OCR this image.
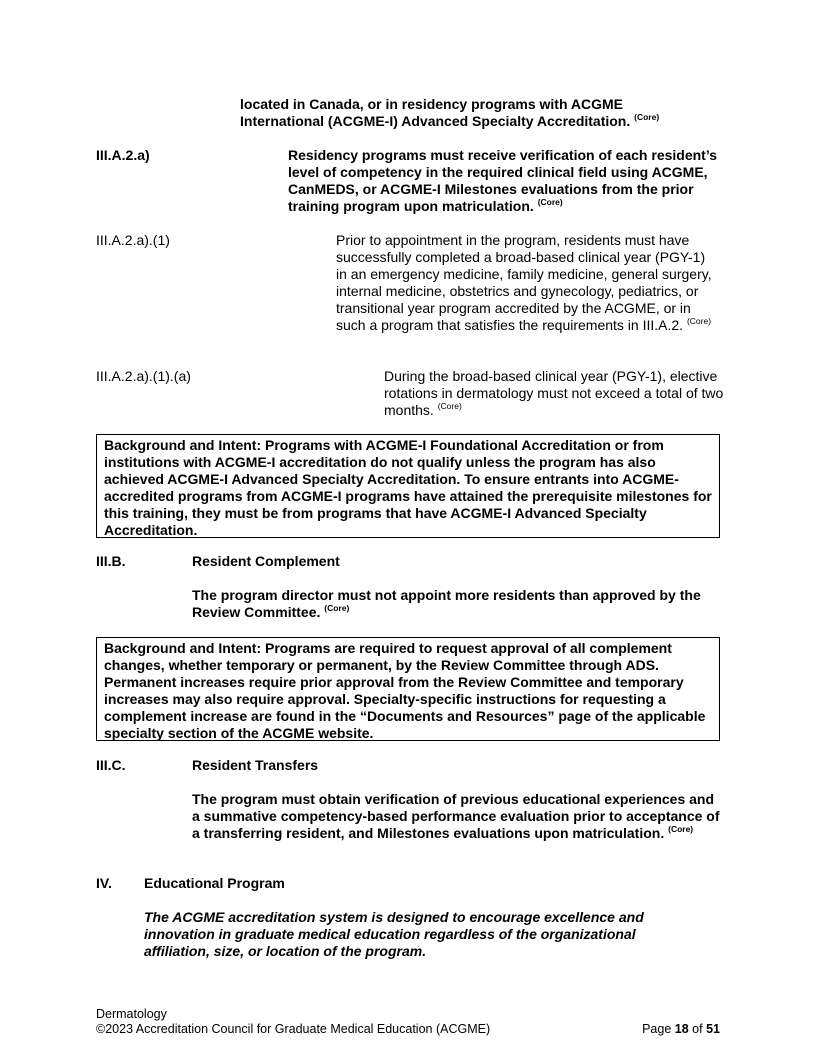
located in Canada, or in residency programs with ACGME International (ACGME-I) Advanced Specialty Accreditation. $^{(Core)}$
III.A.2.a)	Residency programs must receive verification of each resident’s level of competency in the required clinical field using ACGME, CanMEDS, or ACGME-I Milestones evaluations from the prior training program upon matriculation. $^{(Core)}$
III.A.2.a).(1)	Prior to appointment in the program, residents must have successfully completed a broad-based clinical year (PGY-1) in an emergency medicine, family medicine, general surgery, internal medicine, obstetrics and gynecology, pediatrics, or transitional year program accredited by the ACGME, or in such a program that satisfies the requirements in III.A.2. $^{(Core)}$
III.A.2.a).(1).(a)	During the broad-based clinical year (PGY-1), elective rotations in dermatology must not exceed a total of two months. $^{(Core)}$
Background and Intent: Programs with ACGME-I Foundational Accreditation or from institutions with ACGME-I accreditation do not qualify unless the program has also achieved ACGME-I Advanced Specialty Accreditation. To ensure entrants into ACGME-accredited programs from ACGME-I programs have attained the prerequisite milestones for this training, they must be from programs that have ACGME-I Advanced Specialty Accreditation.
III.B.	Resident Complement
The program director must not appoint more residents than approved by the Review Committee. $^{(Core)}$
Background and Intent: Programs are required to request approval of all complement changes, whether temporary or permanent, by the Review Committee through ADS. Permanent increases require prior approval from the Review Committee and temporary increases may also require approval. Specialty-specific instructions for requesting a complement increase are found in the “Documents and Resources” page of the applicable specialty section of the ACGME website.
III.C.	Resident Transfers
The program must obtain verification of previous educational experiences and a summative competency-based performance evaluation prior to acceptance of a transferring resident, and Milestones evaluations upon matriculation. $^{(Core)}$
IV. Educational Program
The ACGME accreditation system is designed to encourage excellence and innovation in graduate medical education regardless of the organizational affiliation, size, or location of the program.
Dermatology
©2023 Accreditation Council for Graduate Medical Education (ACGME)	Page 18 of 51
